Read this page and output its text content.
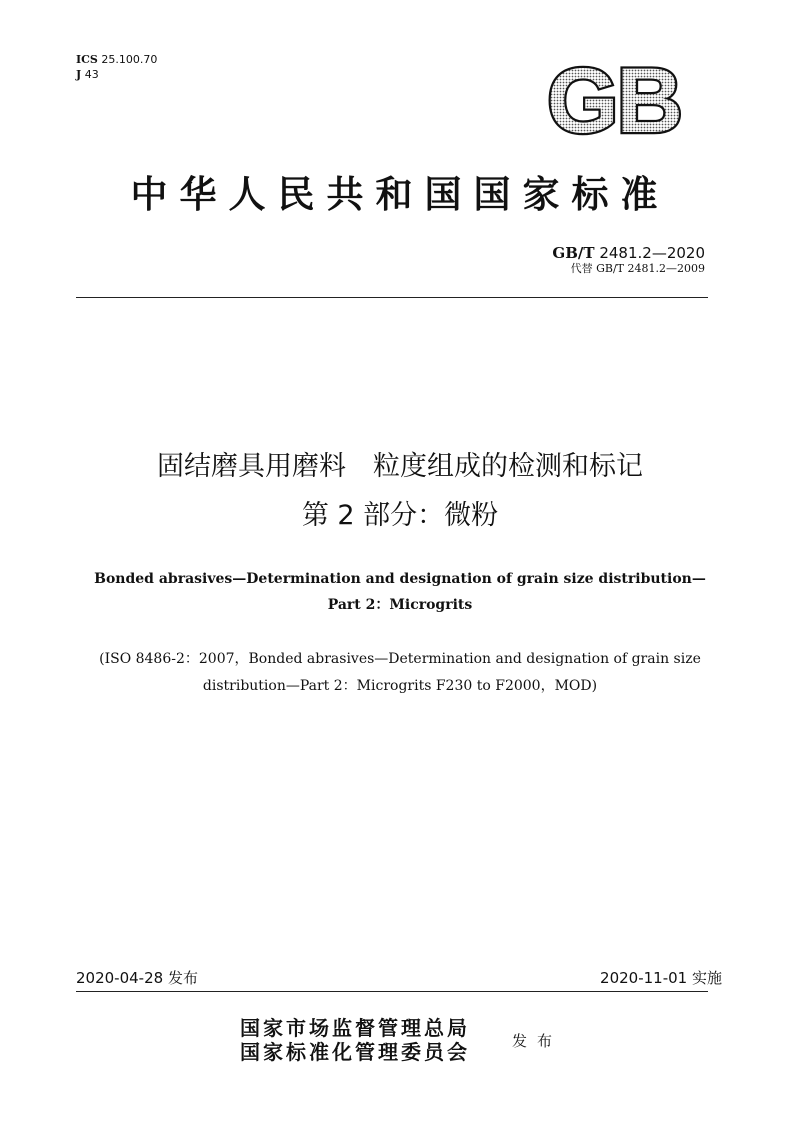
ICS 25.100.70
J 43	GB
中华人民共和国国家标准
GB/T 2481.2—2020
代替 GB/T 2481.2—2009
固结磨具用磨料　粒度组成的检测和标记
第 2 部分：微粉
Bonded abrasives—Determination and designation of grain size distribution—
Part 2：Microgrits
(ISO 8486-2：2007，Bonded abrasives—Determination and designation of grain size
distribution—Part 2：Microgrits F230 to F2000，MOD)
2020-04-28 发布	2020-11-01 实施
国家市场监督管理总局
国家标准化管理委员会	发布
